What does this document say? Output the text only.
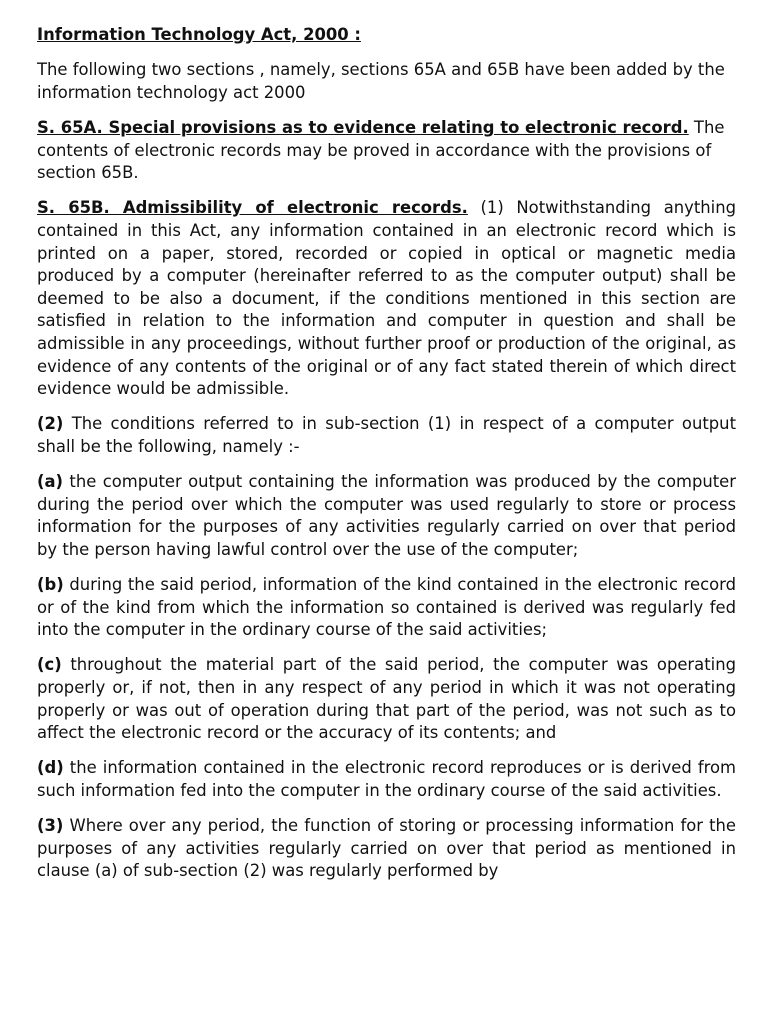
Information Technology Act, 2000 :

The following two sections , namely, sections 65A and 65B have been added by the information technology act 2000

S. 65A. Special provisions as to evidence relating to electronic record. The contents of electronic records may be proved in accordance with the provisions of section 65B.

S. 65B. Admissibility of electronic records. (1) Notwithstanding anything contained in this Act, any information contained in an electronic record which is printed on a paper, stored, recorded or copied in optical or magnetic media produced by a computer (hereinafter referred to as the computer output) shall be deemed to be also a document, if the conditions mentioned in this section are satisfied in relation to the information and computer in question and shall be admissible in any proceedings, without further proof or production of the original, as evidence of any contents of the original or of any fact stated therein of which direct evidence would be admissible.

(2) The conditions referred to in sub-section (1) in respect of a computer output shall be the following, namely :-

(a) the computer output containing the information was produced by the computer during the period over which the computer was used regularly to store or process information for the purposes of any activities regularly carried on over that period by the person having lawful control over the use of the computer;

(b) during the said period, information of the kind contained in the electronic record or of the kind from which the information so contained is derived was regularly fed into the computer in the ordinary course of the said activities;

(c) throughout the material part of the said period, the computer was operating properly or, if not, then in any respect of any period in which it was not operating properly or was out of operation during that part of the period, was not such as to affect the electronic record or the accuracy of its contents; and

(d) the information contained in the electronic record reproduces or is derived from such information fed into the computer in the ordinary course of the said activities.

(3) Where over any period, the function of storing or processing information for the purposes of any activities regularly carried on over that period as mentioned in clause (a) of sub-section (2) was regularly performed by
